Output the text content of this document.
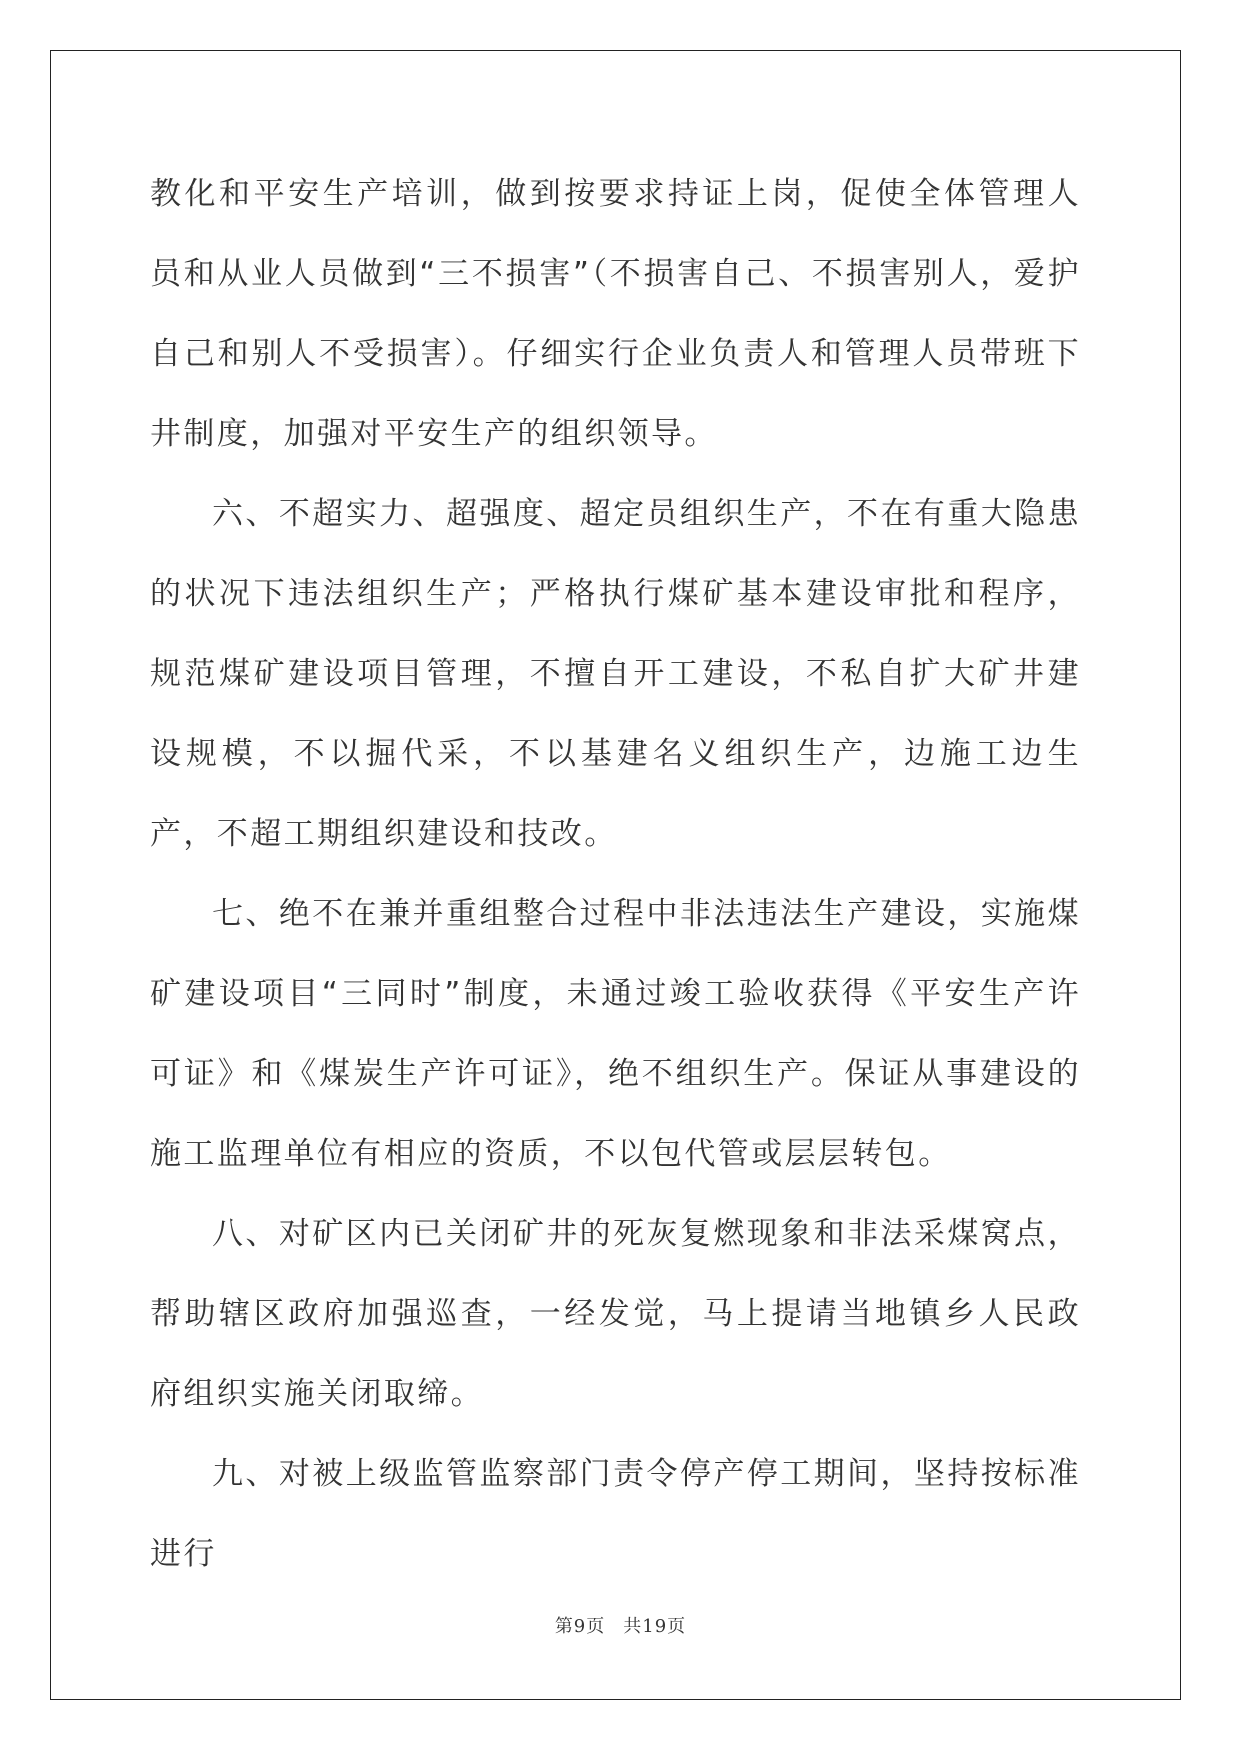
教化和平安生产培训，做到按要求持证上岗，促使全体管理人员和从业人员做到“三不损害”（不损害自己、不损害别人，爱护自己和别人不受损害）。仔细实行企业负责人和管理人员带班下井制度，加强对平安生产的组织领导。

六、不超实力、超强度、超定员组织生产，不在有重大隐患的状况下违法组织生产；严格执行煤矿基本建设审批和程序，规范煤矿建设项目管理，不擅自开工建设，不私自扩大矿井建设规模，不以掘代采，不以基建名义组织生产，边施工边生产，不超工期组织建设和技改。

七、绝不在兼并重组整合过程中非法违法生产建设，实施煤矿建设项目“三同时”制度，未通过竣工验收获得《平安生产许可证》和《煤炭生产许可证》，绝不组织生产。保证从事建设的施工监理单位有相应的资质，不以包代管或层层转包。

八、对矿区内已关闭矿井的死灰复燃现象和非法采煤窝点，帮助辖区政府加强巡查，一经发觉，马上提请当地镇乡人民政府组织实施关闭取缔。

九、对被上级监管监察部门责令停产停工期间，坚持按标准进行

第9页 共19页
